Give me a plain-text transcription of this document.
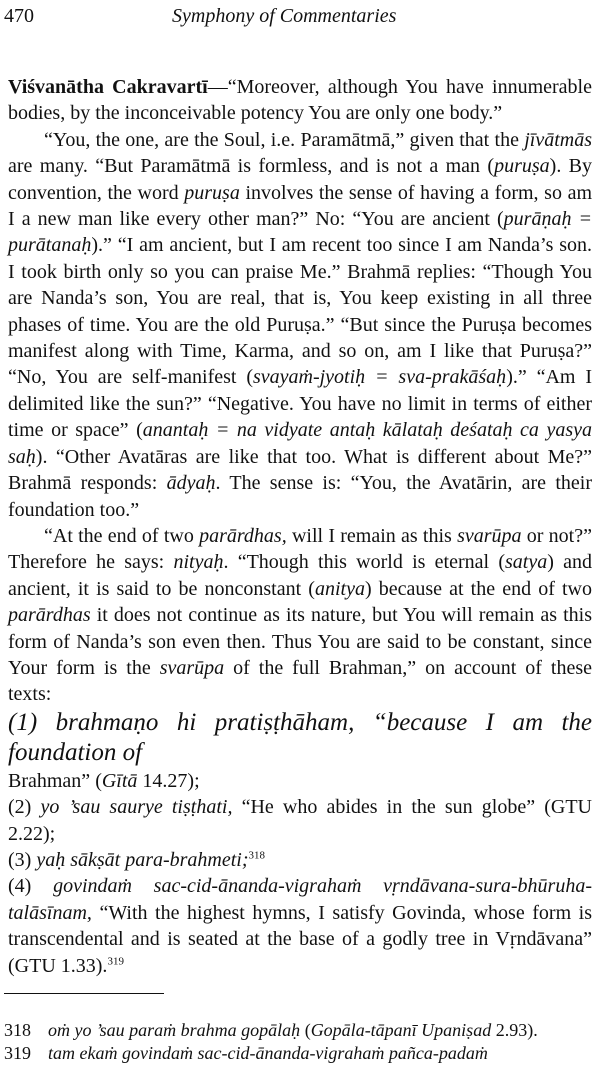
470	Symphony of Commentaries

Viśvanātha Cakravartī—“Moreover, although You have innumerable bodies, by the inconceivable potency You are only one body.”

“You, the one, are the Soul, i.e. Paramātmā,” given that the jīvātmās are many. “But Paramātmā is formless, and is not a man (puruṣa). By convention, the word puruṣa involves the sense of having a form, so am I a new man like every other man?” No: “You are ancient (purāṇaḥ = purātanaḥ).” “I am ancient, but I am recent too since I am Nanda’s son. I took birth only so you can praise Me.” Brahmā replies: “Though You are Nanda’s son, You are real, that is, You keep existing in all three phases of time. You are the old Puruṣa.” “But since the Puruṣa becomes manifest along with Time, Karma, and so on, am I like that Puruṣa?” “No, You are self-manifest (svayaṁ-jyotiḥ = sva-prakāśaḥ).” “Am I delimited like the sun?” “Negative. You have no limit in terms of either time or space” (anantaḥ = na vidyate antaḥ kālataḥ deśataḥ ca yasya saḥ). “Other Avatāras are like that too. What is different about Me?” Brahmā responds: ādyaḥ. The sense is: “You, the Avatārin, are their foundation too.”

“At the end of two parārdhas, will I remain as this svarūpa or not?” Therefore he says: nityaḥ. “Though this world is eternal (satya) and ancient, it is said to be nonconstant (anitya) because at the end of two parārdhas it does not continue as its nature, but You will remain as this form of Nanda’s son even then. Thus You are said to be constant, since Your form is the svarūpa of the full Brahman,” on account of these texts:

(1) brahmaṇo hi pratiṣṭhāham, “because I am the foundation of
Brahman” (Gītā 14.27);

(2) yo ’sau saurye tiṣṭhati, “He who abides in the sun globe” (GTU 2.22);

(3) yaḥ sākṣāt para-brahmeti;$^{318}$

(4) govindaṁ sac-cid-ānanda-vigrahaṁ vṛndāvana-sura-bhūruha-talāsīnam, “With the highest hymns, I satisfy Govinda, whose form is transcendental and is seated at the base of a godly tree in Vṛndāvana” (GTU 1.33).$^{319}$

318 oṁ yo ’sau paraṁ brahma gopālaḥ (Gopāla-tāpanī Upaniṣad 2.93).
319 tam ekaṁ govindaṁ sac-cid-ānanda-vigrahaṁ pañca-padaṁ
